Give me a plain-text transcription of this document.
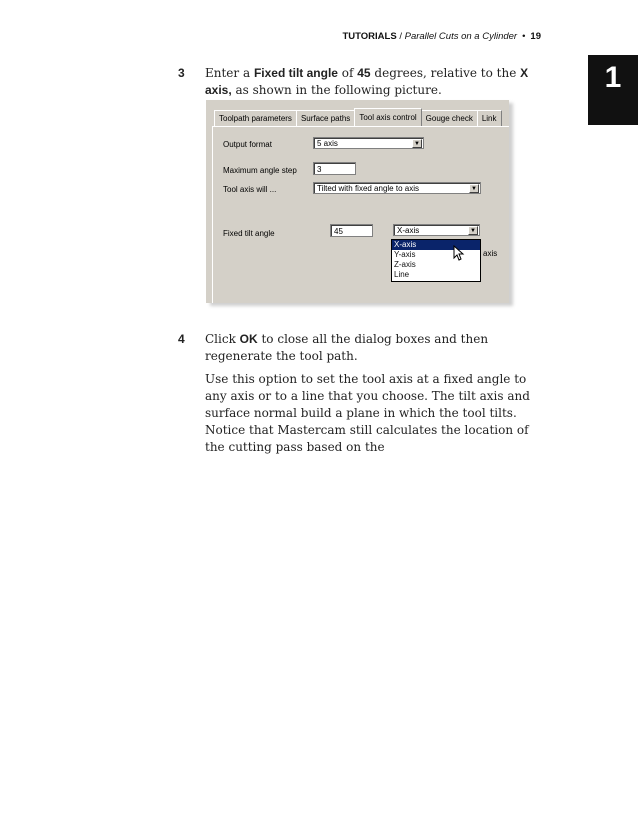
TUTORIALS / Parallel Cuts on a Cylinder • 19
1
3 Enter a Fixed tilt angle of 45 degrees, relative to the X axis, as shown in the following picture.
Toolpath parameters	Surface paths	Tool axis control	Gouge check	Link
Output format	5 axis	▼
Maximum angle step	3
Tool axis will ...	Tilted with fixed angle to axis	▼
Fixed tilt angle	45	X-axis	▼
X-axis
Y-axis
Z-axis
Line
axis
4 Click OK to close all the dialog boxes and then regenerate the tool path.
Use this option to set the tool axis at a fixed angle to any axis or to a line that you choose. The tilt axis and surface normal build a plane in which the tool tilts. Notice that Mastercam still calculates the location of the cutting pass based on the
